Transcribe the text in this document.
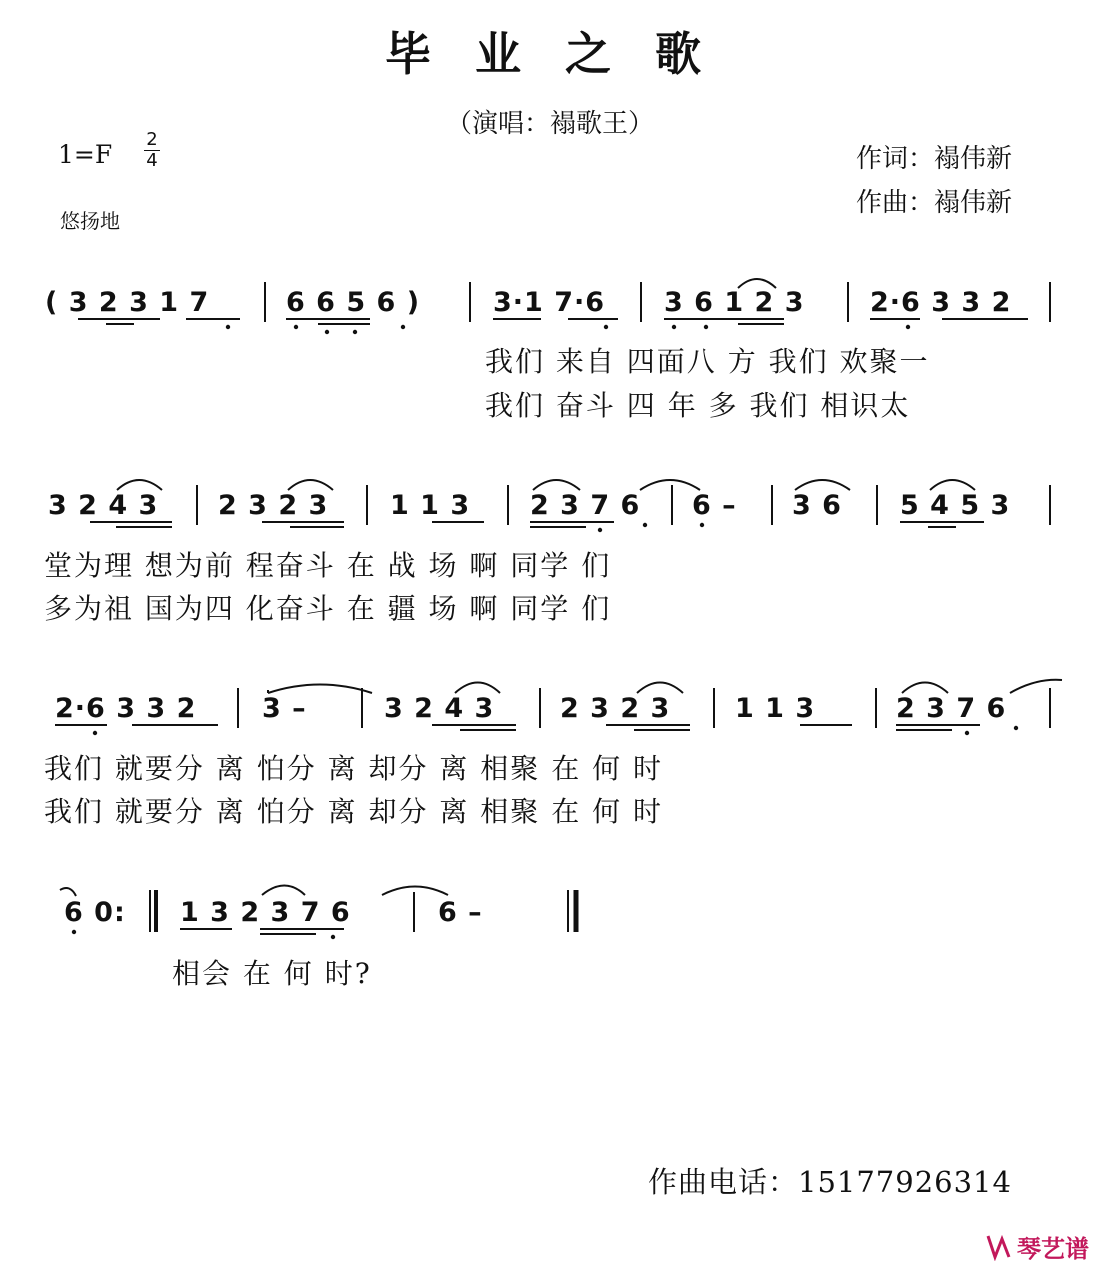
毕 业 之 歌
（演唱：褟歌王）
$1=F \frac{2}{4}$
悠扬地
作词：褟伟新
作曲：褟伟新
( 3 2 3 1 7	6 6 5 6 )	3·1 7·6 3 6 1 2 3 2·6 3 3 2
我们 来自 四面八 方 我们 欢聚一
我们 奋斗 四 年 多 我们 相识太
3 2 4 3 2 3 2 3 1 1 3 2 3 7 6 6 – 3 6 5 4 5 3
堂为理 想为前 程奋斗 在 战 场 啊 同学 们
多为祖 国为四 化奋斗 在 疆 场 啊 同学 们
2·6 3 3 2 3 –	3 2 4 3 2 3 2 3 1 1 3	2 3 7 6
我们 就要分 离 怕分 离 却分 离 相聚 在 何 时
我们 就要分 离 怕分 离 却分 离 相聚 在 何 时
6 0: 1 3 2 3 7 6	6 –
相会 在 何 时?
作曲电话：15177926314
琴艺谱
